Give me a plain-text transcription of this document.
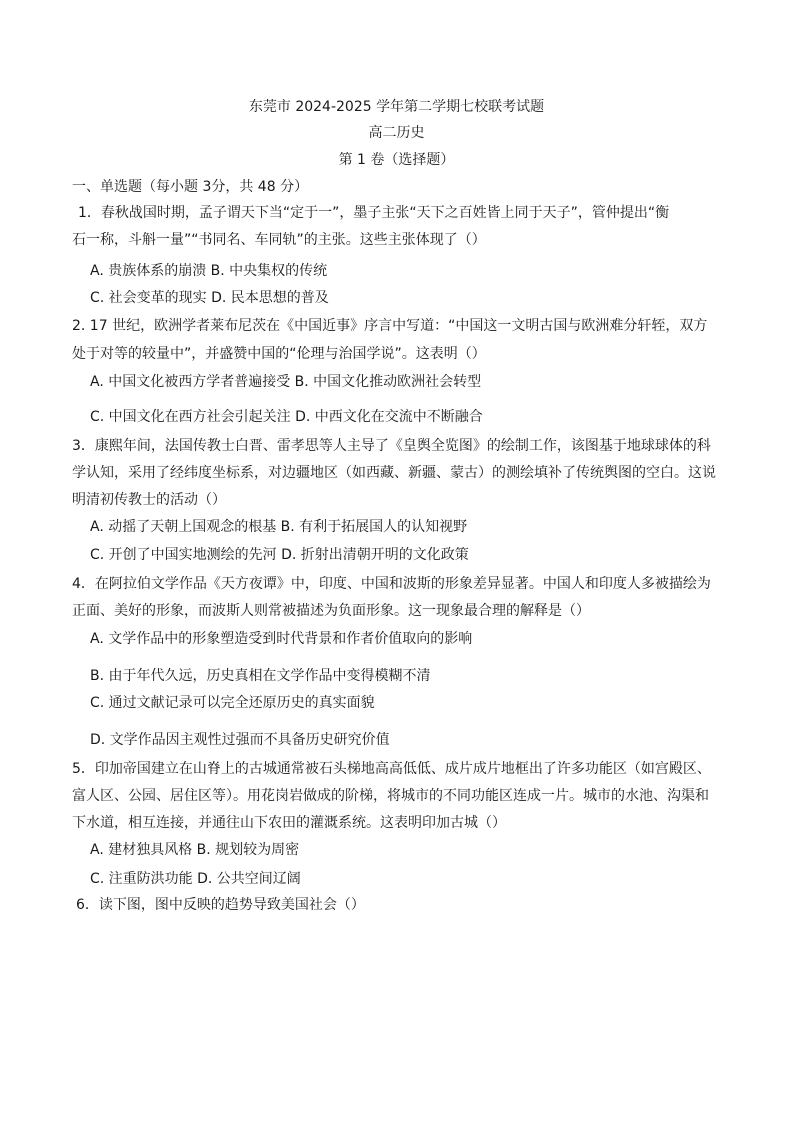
东莞市 2024-2025 学年第二学期七校联考试题
高二历史
第 1 卷（选择题）
一、单选题（每小题 3分，共 48 分）
1．春秋战国时期，孟子谓天下当“定于一”，墨子主张“天下之百姓皆上同于天子”，管仲提出“衡
石一称，斗斛一量”“书同名、车同轨”的主张。这些主张体现了（）
A. 贵族体系的崩溃 B. 中央集权的传统
C. 社会变革的现实 D. 民本思想的普及
2. 17 世纪，欧洲学者莱布尼茨在《中国近事》序言中写道：“中国这一文明古国与欧洲难分轩轾，双方
处于对等的较量中”，并盛赞中国的“伦理与治国学说”。这表明（）
A. 中国文化被西方学者普遍接受 B. 中国文化推动欧洲社会转型
C. 中国文化在西方社会引起关注 D. 中西文化在交流中不断融合
3．康熙年间，法国传教士白晋、雷孝思等人主导了《皇舆全览图》的绘制工作，该图基于地球球体的科
学认知，采用了经纬度坐标系，对边疆地区（如西藏、新疆、蒙古）的测绘填补了传统舆图的空白。这说
明清初传教士的活动（）
A. 动摇了天朝上国观念的根基 B. 有利于拓展国人的认知视野
C. 开创了中国实地测绘的先河 D. 折射出清朝开明的文化政策
4．在阿拉伯文学作品《天方夜谭》中，印度、中国和波斯的形象差异显著。中国人和印度人多被描绘为
正面、美好的形象，而波斯人则常被描述为负面形象。这一现象最合理的解释是（）
A. 文学作品中的形象塑造受到时代背景和作者价值取向的影响
B. 由于年代久远，历史真相在文学作品中变得模糊不清
C. 通过文献记录可以完全还原历史的真实面貌
D. 文学作品因主观性过强而不具备历史研究价值
5．印加帝国建立在山脊上的古城通常被石头梯地高高低低、成片成片地框出了许多功能区（如宫殿区、
富人区、公园、居住区等）。用花岗岩做成的阶梯，将城市的不同功能区连成一片。城市的水池、沟渠和
下水道，相互连接，并通往山下农田的灌溉系统。这表明印加古城（）
A. 建材独具风格 B. 规划较为周密
C. 注重防洪功能 D. 公共空间辽阔
6．读下图，图中反映的趋势导致美国社会（）
